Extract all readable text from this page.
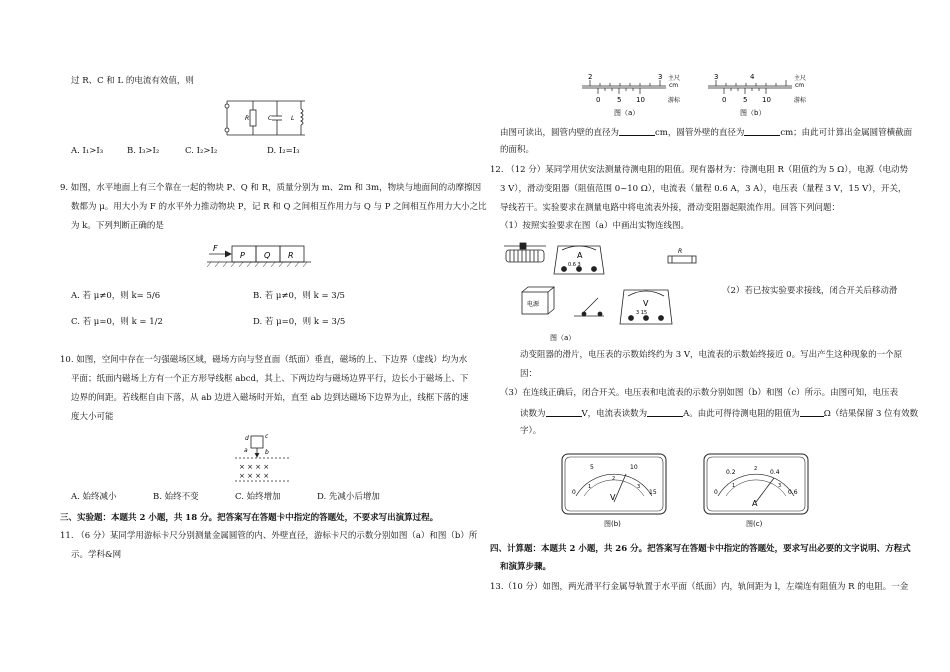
过 R、C 和 L 的电流有效值，则
R	C	L
A. I₁>I₃	B. I₃>I₂	C. I₂>I₂	D. I₂=I₃
9. 如图，水平地面上有三个靠在一起的物块 P、Q 和 R，质量分别为 m、2m 和 3m，物块与地面间的动摩擦因
数都为 μ。用大小为 F 的水平外力推动物块 P，记 R 和 Q 之间相互作用力与 Q 与 P 之间相互作用力大小之比
为 k。下列判断正确的是
F
P Q R
A. 若 μ≠0，则 k= 5/6	B. 若 μ≠0，则 k = 3/5
C. 若 μ=0，则 k = 1/2	D. 若 μ=0，则 k = 3/5
10. 如图，空间中存在一匀强磁场区域，磁场方向与竖直面（纸面）垂直，磁场的上、下边界（虚线）均为水
平面；纸面内磁场上方有一个正方形导线框 abcd，其上、下两边均与磁场边界平行，边长小于磁场上、下
边界的间距。若线框自由下落，从 ab 边进入磁场时开始，直至 ab 边到达磁场下边界为止，线框下落的速
度大小可能
d	c
a	b
× × × ×
× × × ×
A. 始终减小	B. 始终不变	C. 始终增加	D. 先减小后增加
三、实验题：本题共 2 小题，共 18 分。把答案写在答题卡中指定的答题处，不要求写出演算过程。
11. （6 分）某同学用游标卡尺分别测量金属圆管的内、外壁直径，游标卡尺的示数分别如图（a）和图（b）所
示。学科&网
2	3 主尺
cm
0 5 10	游标
图（a）
3	4	主尺
cm
0 5 10	游标
图（b）
由图可读出，圆管内壁的直径为	cm，圆管外壁的直径为	cm；由此可计算出金属圆管横截面
的面积。
12. （12 分）某同学用伏安法测量待测电阻的阻值。现有器材为：待测电阻 R（阻值约为 5 Ω），电源（电动势
3 V），滑动变阻器（阻值范围 0~10 Ω），电流表（量程 0.6 A，3 A），电压表（量程 3 V，15 V），开关，
导线若干。实验要求在测量电路中将电流表外接，滑动变阻器起限流作用。回答下列问题：
（1）按照实验要求在图（a）中画出实物连线图。
A
0.6 3
R
电源	V
3 15
图（a）
（2）若已按实验要求接线，闭合开关后移动滑
动变阻器的滑片，电压表的示数始终约为 3 V，电流表的示数始终接近 0。写出产生这种现象的一个原
因：
（3）在连线正确后，闭合开关。电压表和电流表的示数分别如图（b）和图（c）所示。由图可知，电压表
读数为	V，电流表读数为	A。由此可得待测电阻的阻值为	Ω（结果保留 3 位有效数
字）。
0
5	10
15
1
2
3
V
图(b)
0
0.2	0.4
0.6
1
2
3
A
图(c)
四、计算题：本题共 2 小题，共 26 分。把答案写在答题卡中指定的答题处，要求写出必要的文字说明、方程式
和演算步骤。
13.（10 分）如图，两光滑平行金属导轨置于水平面（纸面）内，轨间距为 l，左端连有阻值为 R 的电阻。一金
